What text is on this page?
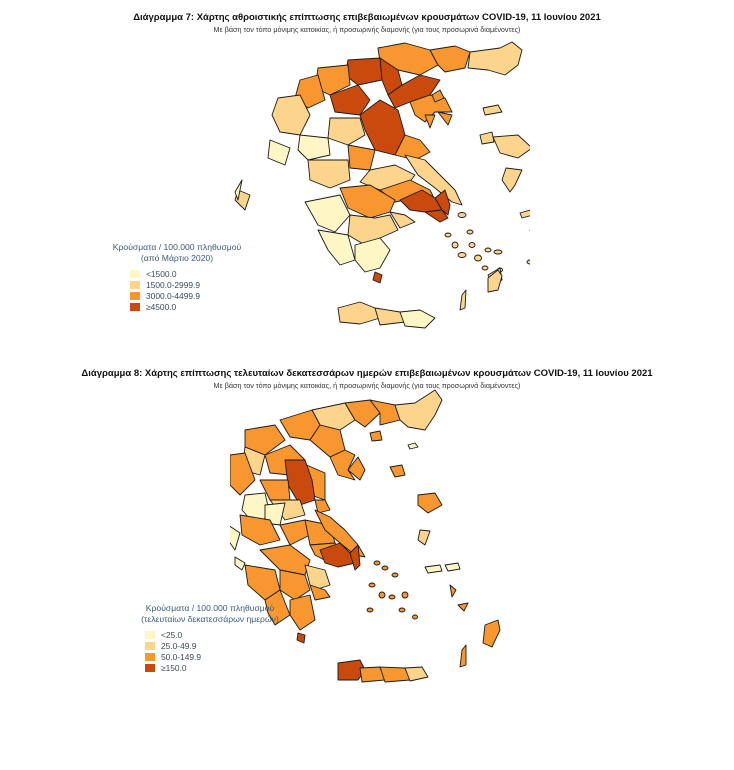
Διάγραμμα 7: Χάρτης αθροιστικής επίπτωσης επιβεβαιωμένων κρουσμάτων COVID-19, 11 Ιουνίου 2021
Με βάση τον τόπο μόνιμης κατοικίας, ή προσωρινής διαμονής (για τους προσωρινά διαμένοντες)
Κρούσματα / 100.000 πληθυσμού
(από Μάρτιο 2020)
<1500.0
1500.0-2999.9
3000.0-4499.9
≥4500.0
Διάγραμμα 8: Χάρτης επίπτωσης τελευταίων δεκατεσσάρων ημερών επιβεβαιωμένων κρουσμάτων COVID-19, 11 Ιουνίου 2021
Με βάση τον τόπο μόνιμης κατοικίας, ή προσωρινής διαμονής (για τους προσωρινά διαμένοντες)
Κρούσματα / 100.000 πληθυσμού
(τελευταίων δεκατεσσάρων ημερών)
<25.0
25.0-49.9
50.0-149.9
≥150.0
